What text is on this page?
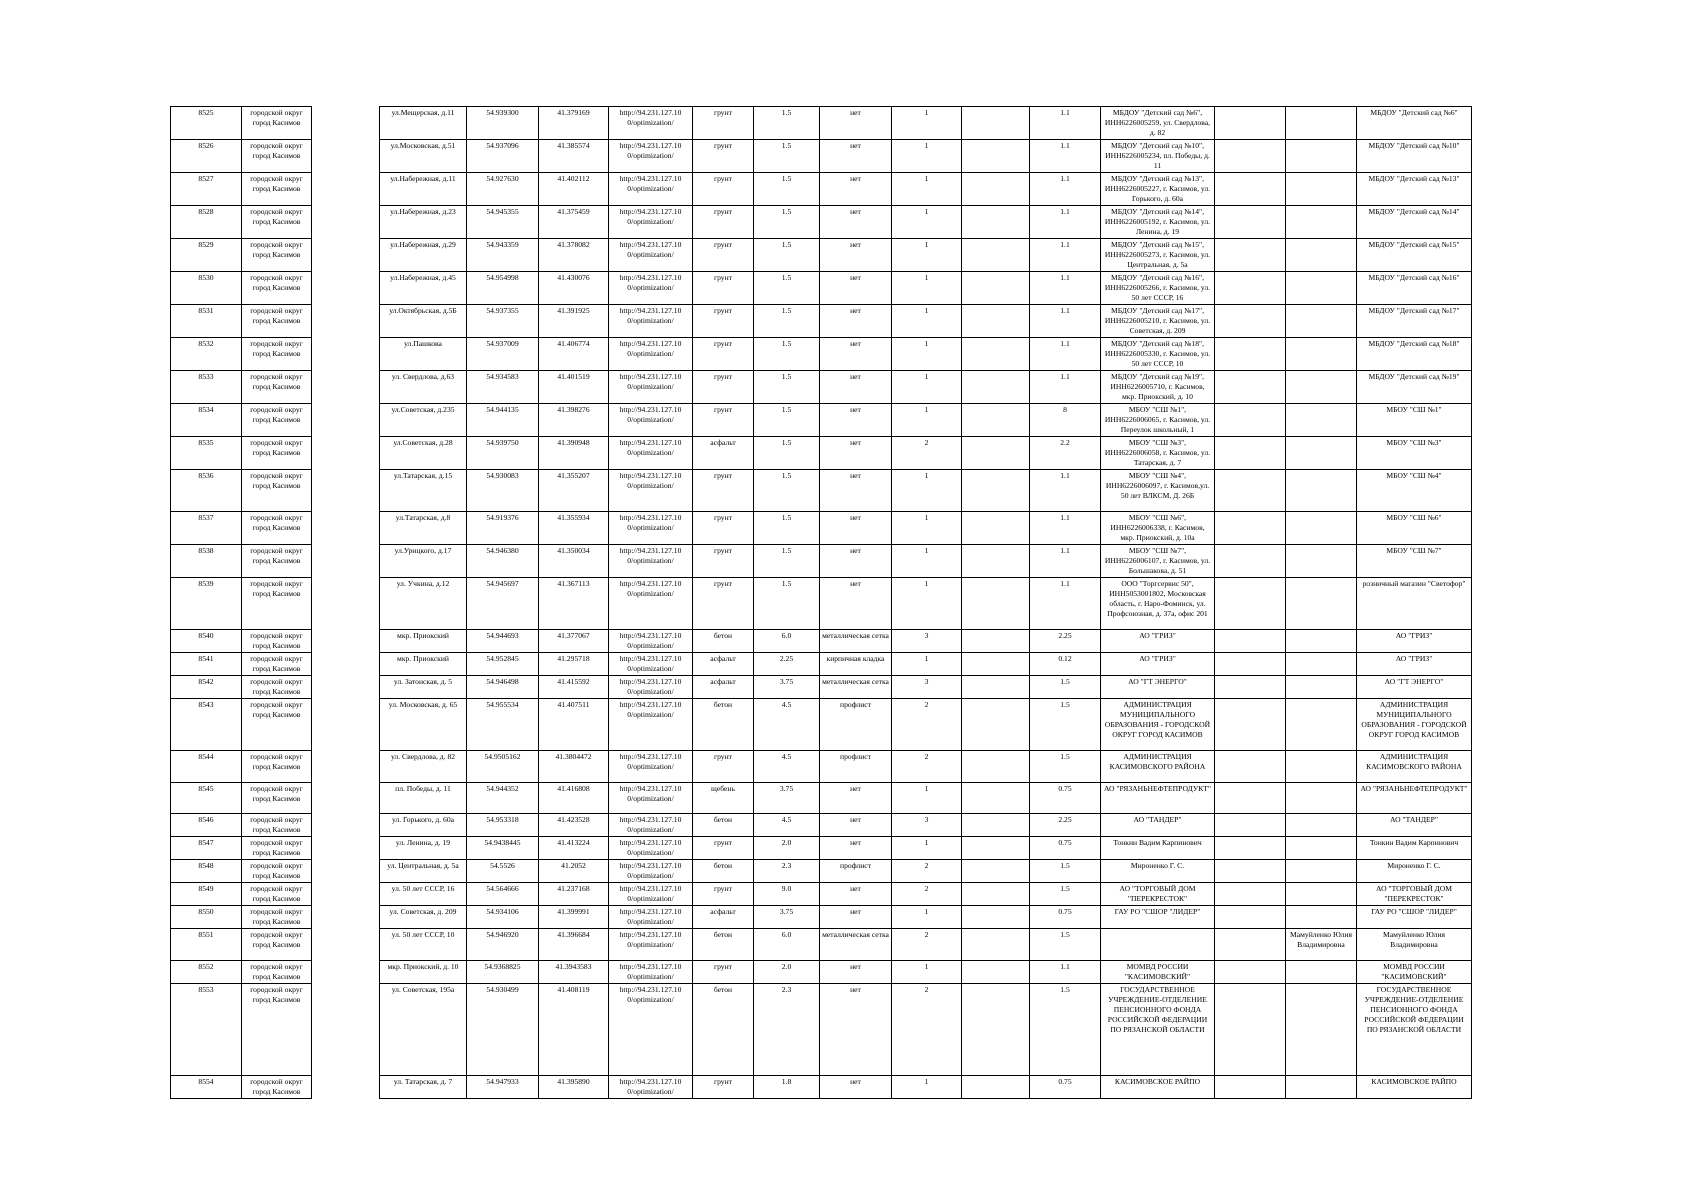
8525	городской округ город Касимов		ул.Мещерская, д.11	54.939300	41.379169	http://94.231.127.10 0/optimization/	грунт	1.5	нет	1		1.1	МБДОУ "Детский сад №6", ИНН6226005259, ул. Свердлова, д. 82			МБДОУ "Детский сад №6"
8526	городской округ город Касимов		ул.Московская, д.51	54.937096	41.385574	http://94.231.127.10 0/optimization/	грунт	1.5	нет	1		1.1	МБДОУ "Детский сад №10", ИНН6226005234, пл. Победы, д. 11			МБДОУ "Детский сад №10"
8527	городской округ город Касимов		ул.Набережная, д.11	54.927630	41.402112	http://94.231.127.10 0/optimization/	грунт	1.5	нет	1		1.1	МБДОУ "Детский сад №13", ИНН6226005227, г. Касимов, ул. Горького, д. 60а			МБДОУ "Детский сад №13"
8528	городской округ город Касимов		ул.Набережная, д.23	54.945355	41.375459	http://94.231.127.10 0/optimization/	грунт	1.5	нет	1		1.1	МБДОУ "Детский сад №14", ИНН6226005192, г. Касимов, ул. Ленина, д. 19			МБДОУ "Детский сад №14"
8529	городской округ город Касимов		ул.Набережная, д.29	54.943359	41.378082	http://94.231.127.10 0/optimization/	грунт	1.5	нет	1		1.1	МБДОУ "Детский сад №15", ИНН6226005273, г. Касимов, ул. Центральная, д. 5а			МБДОУ "Детский сад №15"
8530	городской округ город Касимов		ул.Набережная, д.45	54.954998	41.430076	http://94.231.127.10 0/optimization/	грунт	1.5	нет	1		1.1	МБДОУ "Детский сад №16", ИНН6226005266, г. Касимов, ул. 50 лет СССР, 16			МБДОУ "Детский сад №16"
8531	городской округ город Касимов		ул.Октябрьская, д.5Б	54.937355	41.391925	http://94.231.127.10 0/optimization/	грунт	1.5	нет	1		1.1	МБДОУ "Детский сад №17", ИНН6226005210, г. Касимов, ул. Советская, д. 209			МБДОУ "Детский сад №17"
8532	городской округ город Касимов		ул.Пашкова	54.937009	41.406774	http://94.231.127.10 0/optimization/	грунт	1.5	нет	1		1.1	МБДОУ "Детский сад №18", ИНН6226005330, г. Касимов, ул. 50 лет СССР, 10			МБДОУ "Детский сад №18"
8533	городской округ город Касимов		ул. Свердлова, д.63	54.934583	41.401519	http://94.231.127.10 0/optimization/	грунт	1.5	нет	1		1.1	МБДОУ "Детский сад №19", ИНН6226005710, г. Касимов, мкр. Приокский, д. 10			МБДОУ "Детский сад №19"
8534	городской округ город Касимов		ул.Советская, д.235	54.944135	41.398276	http://94.231.127.10 0/optimization/	грунт	1.5	нет	1		8	МБОУ "СШ №1", ИНН6226006065, г. Касимов, ул. Переулок школьный, 1			МБОУ "СШ №1"
8535	городской округ город Касимов		ул.Советская, д.28	54.939750	41.390948	http://94.231.127.10 0/optimization/	асфальт	1.5	нет	2		2.2	МБОУ "СШ №3", ИНН6226006058, г. Касимов, ул. Татарская, д. 7			МБОУ "СШ №3"
8536	городской округ город Касимов		ул.Татарская, д.15	54.930083	41.355207	http://94.231.127.10 0/optimization/	грунт	1.5	нет	1		1.1	МБОУ "СШ №4", ИНН6226006097, г. Касимов,ул. 50 лет ВЛКСМ, Д. 26Б			МБОУ "СШ №4"
8537	городской округ город Касимов		ул.Татарская, д.8	54.919376	41.355934	http://94.231.127.10 0/optimization/	грунт	1.5	нет	1		1.1	МБОУ "СШ №6", ИНН6226006338, г. Касимов, мкр. Приокский, д. 10а			МБОУ "СШ №6"
8538	городской округ город Касимов		ул.Урицкого, д.17	54.946380	41.350034	http://94.231.127.10 0/optimization/	грунт	1.5	нет	1		1.1	МБОУ "СШ №7", ИНН6226006107, г. Касимов, ул. Большакова, д. 51			МБОУ "СШ №7"
8539	городской округ город Касимов		ул. Учкина, д.12	54.945697	41.367113	http://94.231.127.10 0/optimization/	грунт	1.5	нет	1		1.1	ООО "Торгсервис 50", ИНН5053001802, Московская область, г. Наро-Фоминск, ул. Профсоюзная, д. 37а, офис 201			розничный магазин "Светофор"
8540	городской округ город Касимов		мкр. Приокский	54.944693	41.377067	http://94.231.127.10 0/optimization/	бетон	6.0	металлическая сетка	3		2.25	АО "ГРИЗ"			АО "ГРИЗ"
8541	городской округ город Касимов		мкр. Приокский	54.952845	41.295718	http://94.231.127.10 0/optimization/	асфальт	2.25	кирпичная кладка	1		0.12	АО "ГРИЗ"			АО "ГРИЗ"
8542	городской округ город Касимов		ул. Затонская, д. 5	54.946498	41.415592	http://94.231.127.10 0/optimization/	асфальт	3.75	металлическая сетка	3		1.5	АО "ГТ ЭНЕРГО"			АО "ГТ ЭНЕРГО"
8543	городской округ город Касимов		ул. Московская, д. 65	54.955534	41.407511	http://94.231.127.10 0/optimization/	бетон	4.5	профлист	2		1.5	АДМИНИСТРАЦИЯ МУНИЦИПАЛЬНОГО ОБРАЗОВАНИЯ - ГОРОДСКОЙ ОКРУГ ГОРОД КАСИМОВ			АДМИНИСТРАЦИЯ МУНИЦИПАЛЬНОГО ОБРАЗОВАНИЯ - ГОРОДСКОЙ ОКРУГ ГОРОД КАСИМОВ
8544	городской округ город Касимов		ул. Свердлова, д. 82	54.9505162	41.3804472	http://94.231.127.10 0/optimization/	грунт	4.5	профлист	2		1.5	АДМИНИСТРАЦИЯ КАСИМОВСКОГО РАЙОНА			АДМИНИСТРАЦИЯ КАСИМОВСКОГО РАЙОНА
8545	городской округ город Касимов		пл. Победы, д. 11	54.944352	41.416808	http://94.231.127.10 0/optimization/	щебень	3.75	нет	1		0.75	АО "РЯЗАНЬНЕФТЕПРОДУКТ"			АО "РЯЗАНЬНЕФТЕПРОДУКТ"
8546	городской округ город Касимов		ул. Горького, д. 60а	54.953318	41.423528	http://94.231.127.10 0/optimization/	бетон	4.5	нет	3		2.25	АО "ТАНДЕР"			АО "ТАНДЕР"
8547	городской округ город Касимов		ул. Ленина, д. 19	54.9438445	41.413224	http://94.231.127.10 0/optimization/	грунт	2.0	нет	1		0.75	Тонкин Вадим Карпинович			Тонкин Вадим Карпинович
8548	городской округ город Касимов		ул. Центральная, д. 5а	54.5526	41.2052	http://94.231.127.10 0/optimization/	бетон	2.3	профлист	2		1.5	Мироненко Г. С.			Мироненко Г. С.
8549	городской округ город Касимов		ул. 50 лет СССР, 16	54.564666	41.237168	http://94.231.127.10 0/optimization/	грунт	9.0	нет	2		1.5	АО "ТОРГОВЫЙ ДОМ "ПЕРЕКРЕСТОК"			АО "ТОРГОВЫЙ ДОМ "ПЕРЕКРЕСТОК"
8550	городской округ город Касимов		ул. Советская, д. 209	54.934106	41.399991	http://94.231.127.10 0/optimization/	асфальт	3.75	нет	1		0.75	ГАУ РО "СШОР "ЛИДЕР"			ГАУ РО "СШОР "ЛИДЕР"
8551	городской округ город Касимов		ул. 50 лет СССР, 10	54.946920	41.396684	http://94.231.127.10 0/optimization/	бетон	6.0	металлическая сетка	2		1.5			Мамуйленко Юлия Владимировна	Мамуйленко Юлия Владимировна
8552	городской округ город Касимов		мкр. Приокский, д. 10	54.9368825	41.3943583	http://94.231.127.10 0/optimization/	грунт	2.0	нет	1		1.1	МОМВД РОССИИ "КАСИМОВСКИЙ"			МОМВД РОССИИ "КАСИМОВСКИЙ"
8553	городской округ город Касимов		ул. Советская, 195а	54.930499	41.408119	http://94.231.127.10 0/optimization/	бетон	2.3	нет	2		1.5	ГОСУДАРСТВЕННОЕ УЧРЕЖДЕНИЕ-ОТДЕЛЕНИЕ ПЕНСИОННОГО ФОНДА РОССИЙСКОЙ ФЕДЕРАЦИИ ПО РЯЗАНСКОЙ ОБЛАСТИ			ГОСУДАРСТВЕННОЕ УЧРЕЖДЕНИЕ-ОТДЕЛЕНИЕ ПЕНСИОННОГО ФОНДА РОССИЙСКОЙ ФЕДЕРАЦИИ ПО РЯЗАНСКОЙ ОБЛАСТИ
8554	городской округ город Касимов		ул. Татарская, д. 7	54.947933	41.395890	http://94.231.127.10 0/optimization/	грунт	1.8	нет	1		0.75	КАСИМОВСКОЕ РАЙПО			КАСИМОВСКОЕ РАЙПО
